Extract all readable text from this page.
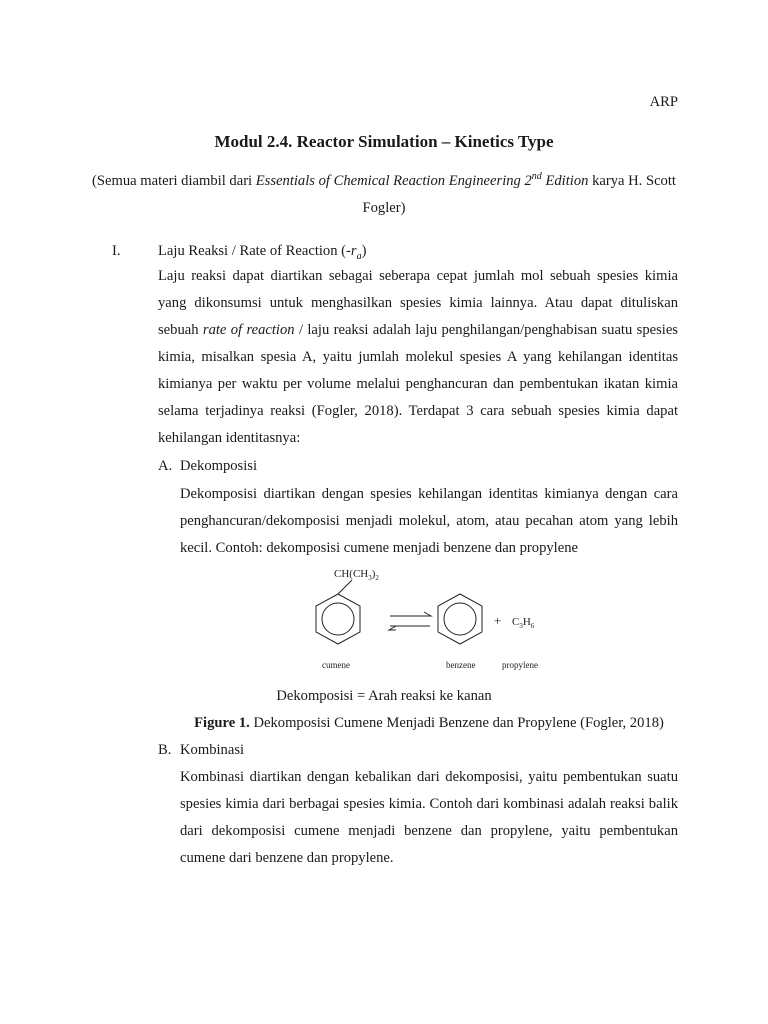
ARP
Modul 2.4. Reactor Simulation – Kinetics Type
(Semua materi diambil dari Essentials of Chemical Reaction Engineering 2nd Edition karya H. Scott Fogler)
I.	Laju Reaksi / Rate of Reaction $(-r_a)$
Laju reaksi dapat diartikan sebagai seberapa cepat jumlah mol sebuah spesies kimia yang dikonsumsi untuk menghasilkan spesies kimia lainnya. Atau dapat dituliskan sebuah rate of reaction / laju reaksi adalah laju penghilangan/penghabisan suatu spesies kimia, misalkan spesia A, yaitu jumlah molekul spesies A yang kehilangan identitas kimianya per waktu per volume melalui penghancuran dan pembentukan ikatan kimia selama terjadinya reaksi (Fogler, 2018). Terdapat 3 cara sebuah spesies kimia dapat kehilangan identitasnya:
A. Dekomposisi
Dekomposisi diartikan dengan spesies kehilangan identitas kimianya dengan cara penghancuran/dekomposisi menjadi molekul, atom, atau pecahan atom yang lebih kecil. Contoh: dekomposisi cumene menjadi benzene dan propylene
$CH(CH_3)_2$
+ $C_3H_6$
cumene	benzene	propylene
Dekomposisi = Arah reaksi ke kanan
Figure 1. Dekomposisi Cumene Menjadi Benzene dan Propylene (Fogler, 2018)
B. Kombinasi
Kombinasi diartikan dengan kebalikan dari dekomposisi, yaitu pembentukan suatu spesies kimia dari berbagai spesies kimia. Contoh dari kombinasi adalah reaksi balik dari dekomposisi cumene menjadi benzene dan propylene, yaitu pembentukan cumene dari benzene dan propylene.
